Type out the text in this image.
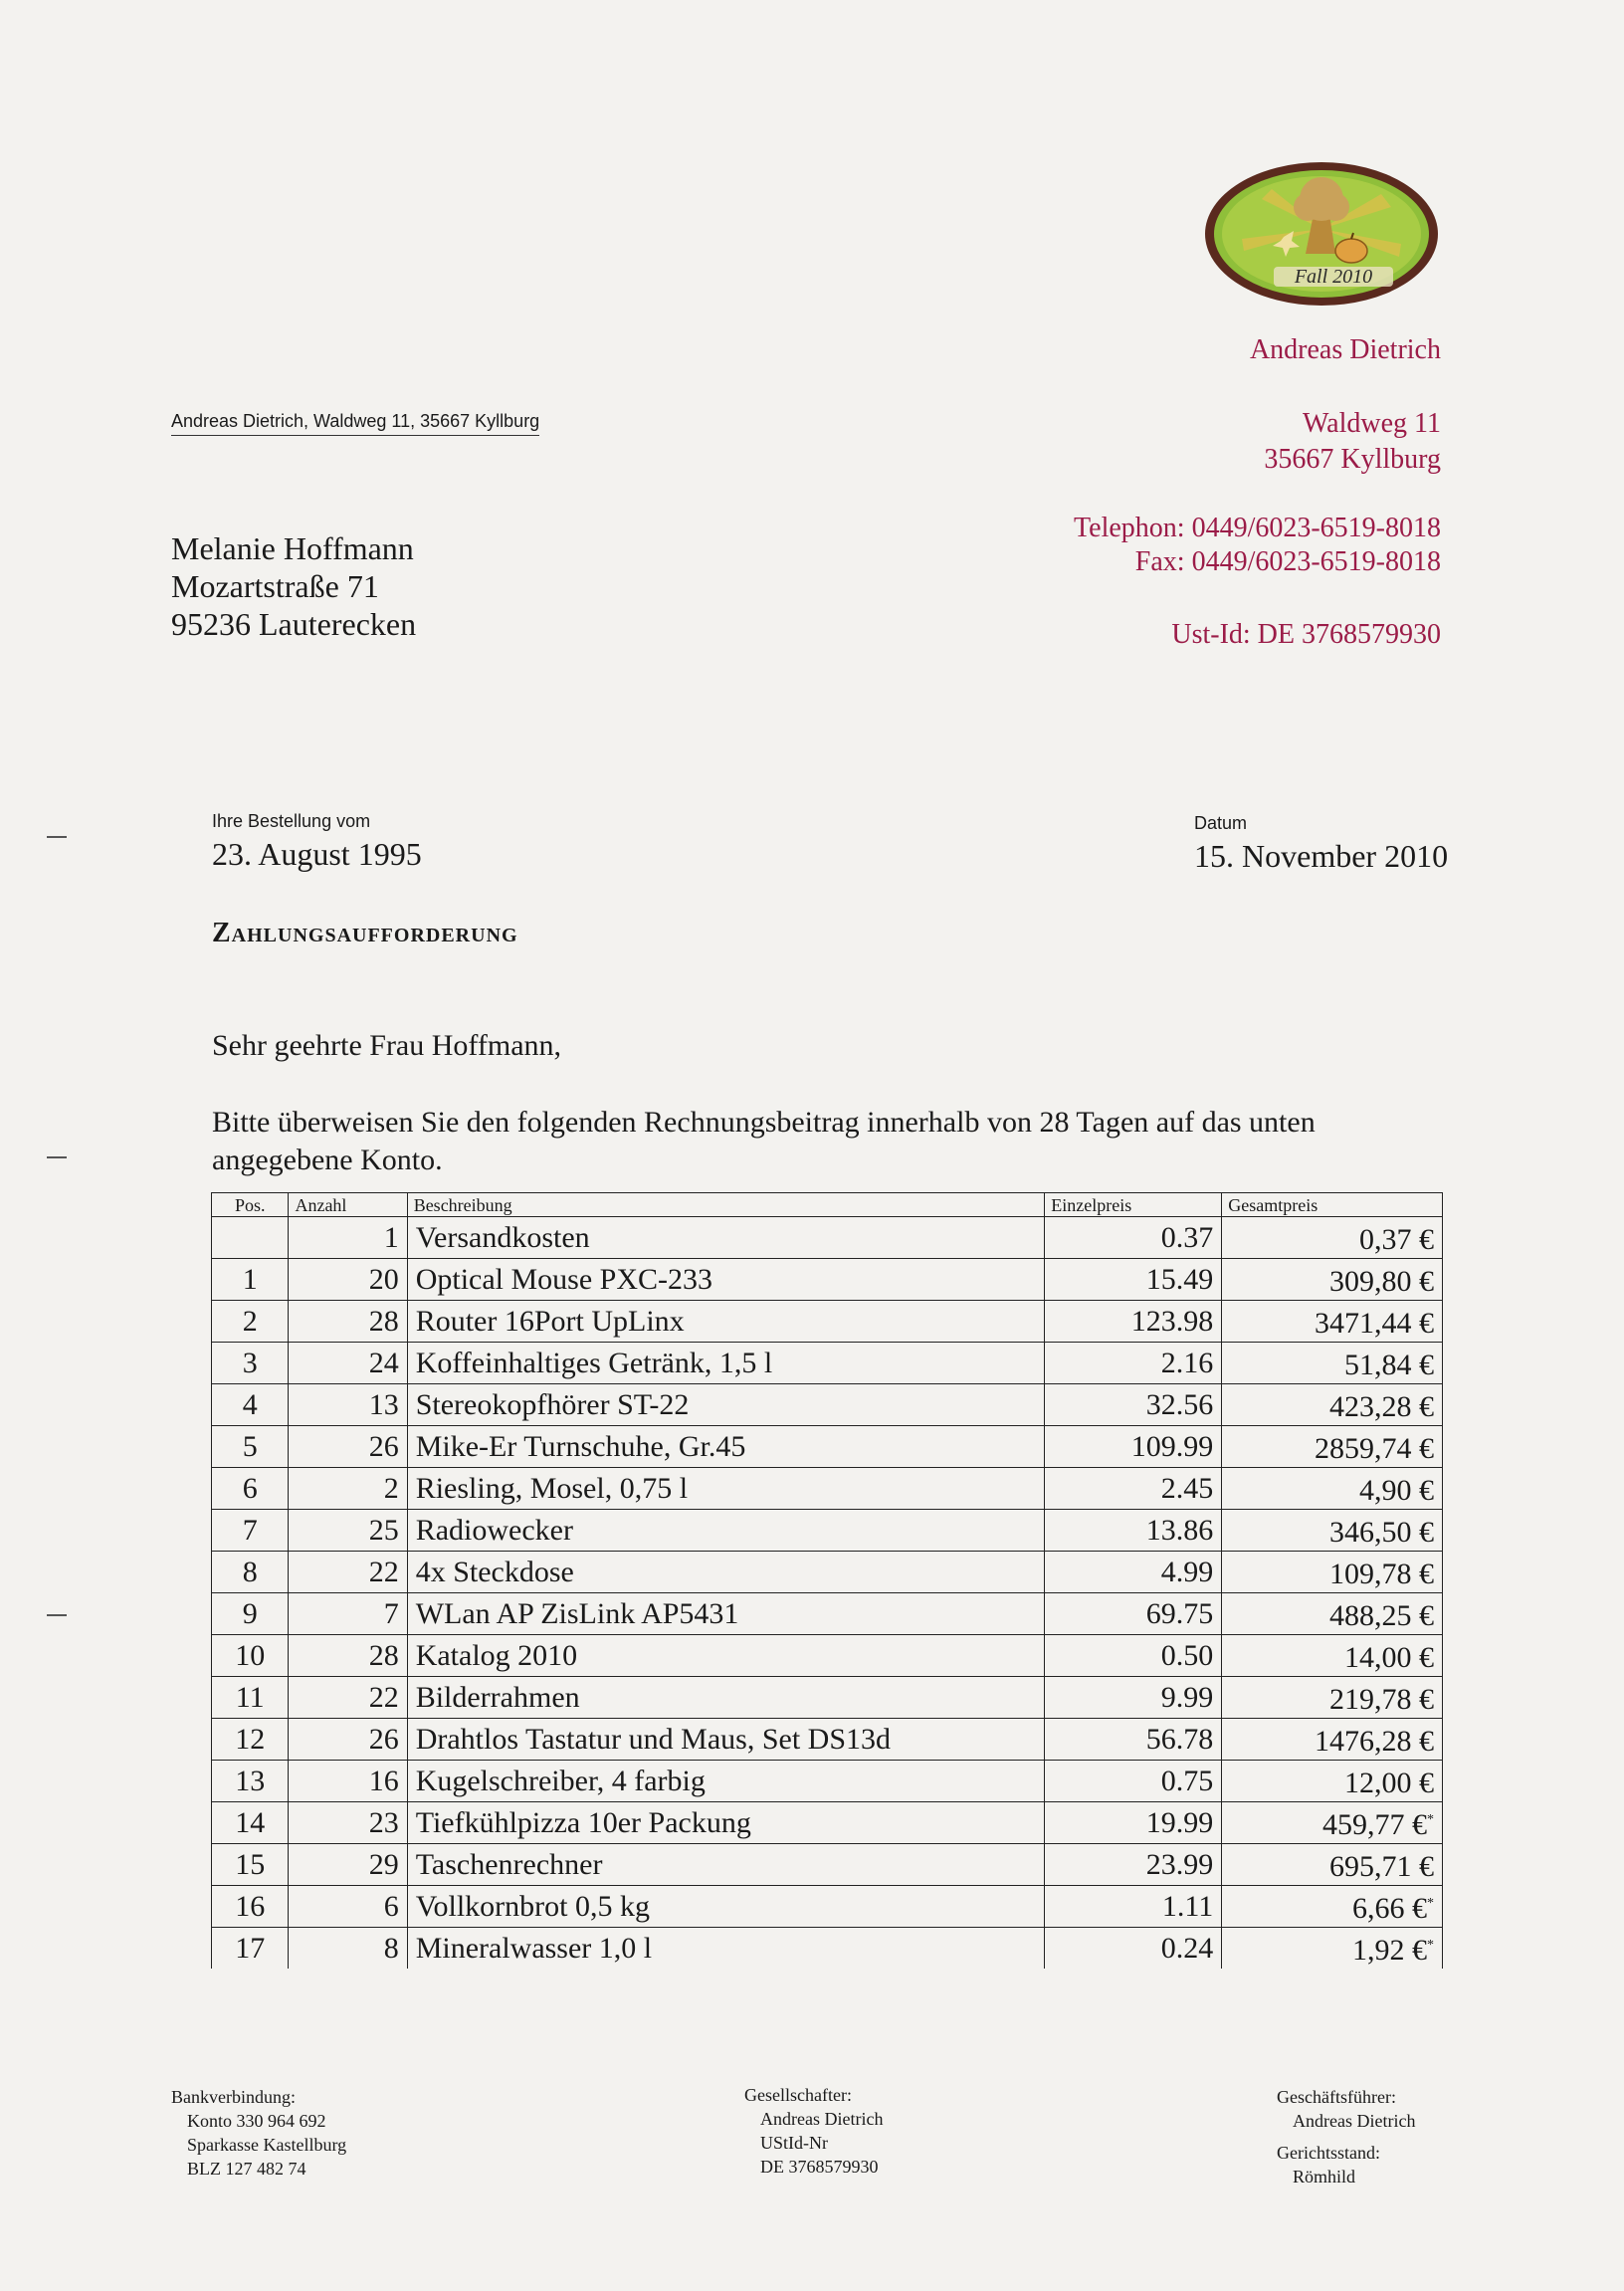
Fall 2010
Andreas Dietrich
Andreas Dietrich, Waldweg 11, 35667 Kyllburg	Waldweg 11
35667 Kyllburg
Telephon: 0449/6023-6519-8018
Fax: 0449/6023-6519-8018
Ust-Id: DE 3768579930
Melanie Hoffmann
Mozartstraße 71
95236 Lauterecken
Ihre Bestellung vom
23. August 1995
Datum
15. November 2010
Zahlungsaufforderung
Sehr geehrte Frau Hoffmann,
Bitte überweisen Sie den folgenden Rechnungsbeitrag innerhalb von 28 Tagen auf das unten angegebene Konto.
Pos.	Anzahl	Beschreibung	Einzelpreis	Gesamtpreis
	1	Versandkosten	0.37	0,37 €
1	20	Optical Mouse PXC-233	15.49	309,80 €
2	28	Router 16Port UpLinx	123.98	3471,44 €
3	24	Koffeinhaltiges Getränk, 1,5 l	2.16	51,84 €
4	13	Stereokopfhörer ST-22	32.56	423,28 €
5	26	Mike-Er Turnschuhe, Gr.45	109.99	2859,74 €
6	2	Riesling, Mosel, 0,75 l	2.45	4,90 €
7	25	Radiowecker	13.86	346,50 €
8	22	4x Steckdose	4.99	109,78 €
9	7	WLan AP ZisLink AP5431	69.75	488,25 €
10	28	Katalog 2010	0.50	14,00 €
11	22	Bilderrahmen	9.99	219,78 €
12	26	Drahtlos Tastatur und Maus, Set DS13d	56.78	1476,28 €
13	16	Kugelschreiber, 4 farbig	0.75	12,00 €
14	23	Tiefkühlpizza 10er Packung	19.99	459,77 €*
15	29	Taschenrechner	23.99	695,71 €
16	6	Vollkornbrot 0,5 kg	1.11	6,66 €*
17	8	Mineralwasser 1,0 l	0.24	1,92 €*
Bankverbindung:
Konto 330 964 692
Sparkasse Kastellburg
BLZ 127 482 74
Gesellschafter:
Andreas Dietrich
UStId-Nr
DE 3768579930
Geschäftsführer:
Andreas Dietrich
Gerichtsstand:
Römhild
